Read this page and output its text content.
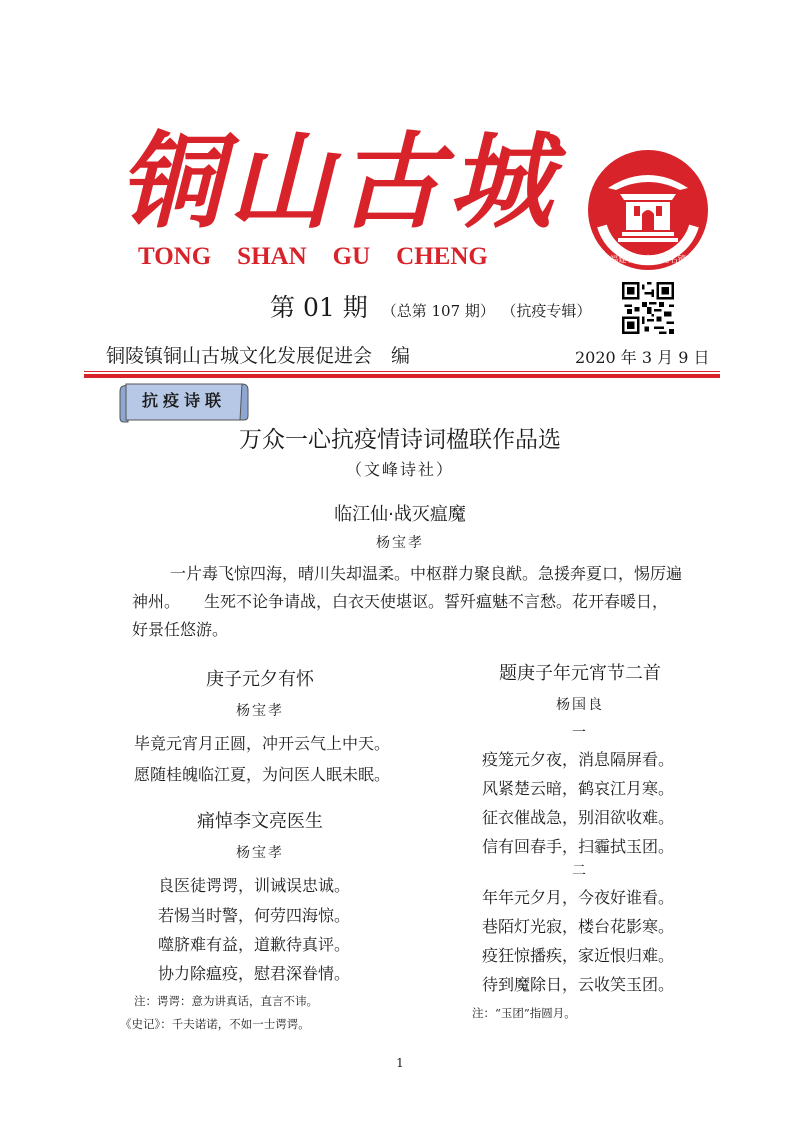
铜山古城
TONG SHAN GU CHENG	福建省历史文化名镇
第 01 期 （总第 107 期） （抗疫专辑）
铜陵镇铜山古城文化发展促进会　编	2020 年 3 月 9 日
抗疫诗联
万众一心抗疫情诗词楹联作品选
（文峰诗社）
临江仙·战灭瘟魔
杨宝孝

　一片毒飞惊四海，晴川失却温柔。中枢群力聚良猷。急援奔夏口，惕厉遍

神州。　　生死不论争请战，白衣天使堪讴。誓歼瘟魅不言愁。花开春暖日，

好景任悠游。

庚子元夕有怀
杨宝孝
毕竟元宵月正圆，冲开云气上中天。
愿随桂魄临江夏，为问医人眠未眠。
痛悼李文亮医生
杨宝孝
良医徒谔谔，训诫误忠诚。
若惕当时警，何劳四海惊。
噬脐难有益，道歉待真评。
协力除瘟疫，慰君深眷情。
注：谔谔：意为讲真话，直言不讳。
《史记》：千夫诺诺，不如一士谔谔。
题庚子年元宵节二首
杨国良
一
疫笼元夕夜，消息隔屏看。
风紧楚云暗，鹤哀江月寒。
征衣催战急，别泪欲收难。
信有回春手，扫霾拭玉团。
二
年年元夕月，今夜好谁看。
巷陌灯光寂，楼台花影寒。
疫狂惊播疾，家近恨归难。
待到魔除日，云收笑玉团。
注：“玉团”指圆月。
1
